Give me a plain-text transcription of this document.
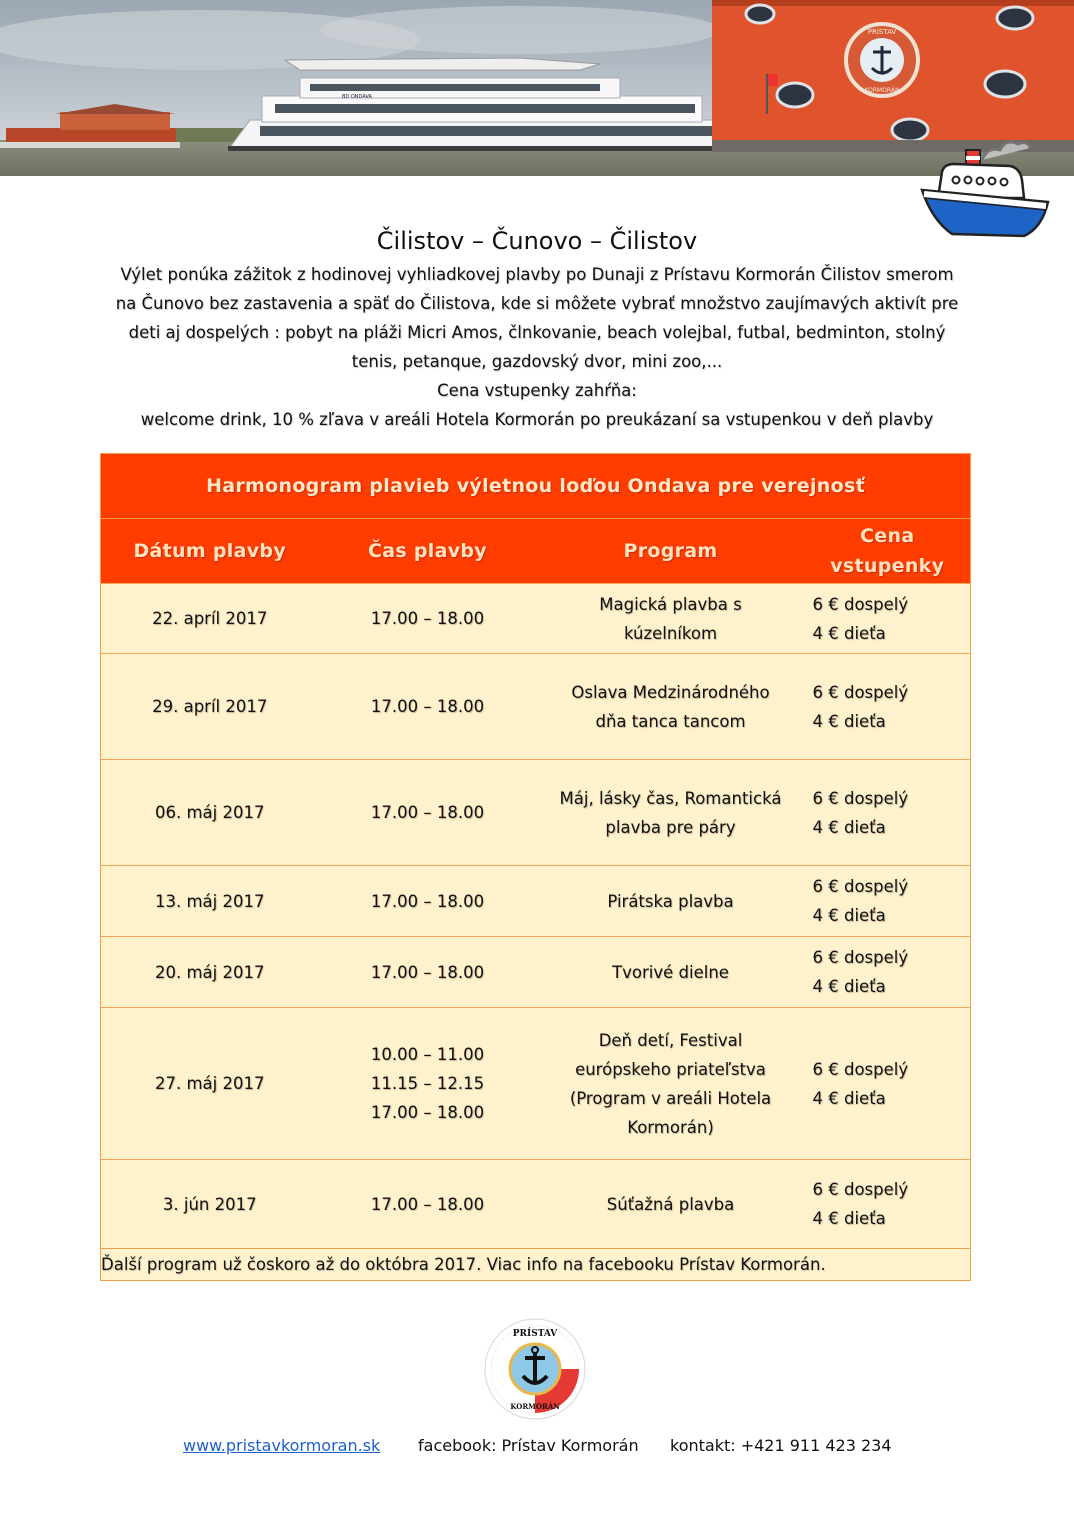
BD ONDAVA
PRÍSTAV
KORMORÁN
Čilistov – Čunovo – Čilistov

Výlet ponúka zážitok z hodinovej vyhliadkovej plavby po Dunaji z Prístavu Kormorán Čilistov smerom

na Čunovo bez zastavenia a späť do Čilistova, kde si môžete vybrať množstvo zaujímavých aktivít pre

deti aj dospelých : pobyt na pláži Micri Amos, člnkovanie, beach volejbal, futbal, bedminton, stolný

tenis, petanque, gazdovský dvor, mini zoo,...

Cena vstupenky zahŕňa:

welcome drink, 10 % zľava v areáli Hotela Kormorán po preukázaní sa vstupenkou v deň plavby

Harmonogram plavieb výletnou loďou Ondava pre verejnosť			
Dátum plavby	Čas plavby	Program	Cena
vstupenky

22. apríl 2017	17.00 – 18.00	Magická plavba s
kúzelníkom	6 € dospelý
4 € dieťa

29. apríl 2017	17.00 – 18.00	Oslava Medzinárodného
dňa tanca tancom	6 € dospelý
4 € dieťa

06. máj 2017	17.00 – 18.00	Máj, lásky čas, Romantická
plavba pre páry	6 € dospelý
4 € dieťa

13. máj 2017	17.00 – 18.00	Pirátska plavba	6 € dospelý
4 € dieťa

20. máj 2017	17.00 – 18.00	Tvorivé dielne	6 € dospelý
4 € dieťa

27. máj 2017	10.00 – 11.00
11.15 – 12.15
17.00 – 18.00	Deň detí, Festival
európskeho priateľstva
(Program v areáli Hotela
Kormorán)	6 € dospelý
4 € dieťa

3. jún 2017	17.00 – 18.00	Súťažná plavba	6 € dospelý
4 € dieťa

Ďalší program už čoskoro až do októbra 2017. Viac info na facebooku Prístav Kormorán.			
PRÍSTAV
KORMORÁN
www.pristavkormoran.sk facebook: Prístav Kormorán kontakt: +421 911 423 234
